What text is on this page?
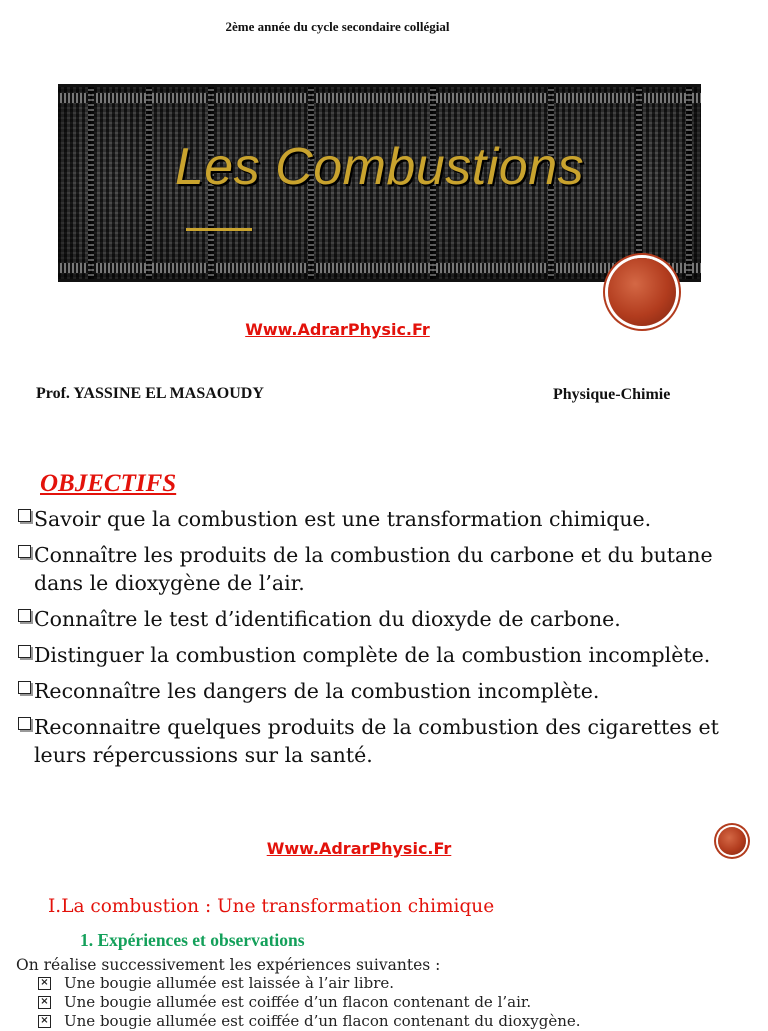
2ème année du cycle secondaire collégial
Les Combustions
Www.AdrarPhysic.Fr
Prof. YASSINE EL MASAOUDY	Physique-Chimie
OBJECTIFS
Savoir que la combustion est une transformation chimique.
Connaître les produits de la combustion du carbone et du butane dans le dioxygène de l’air.
Connaître le test d’identification du dioxyde de carbone.
Distinguer la combustion complète de la combustion incomplète.
Reconnaître les dangers de la combustion incomplète.
Reconnaitre quelques produits de la combustion des cigarettes et leurs répercussions sur la santé.
Www.AdrarPhysic.Fr
I.La combustion : Une transformation chimique
1. Expériences et observations
On réalise successivement les expériences suivantes :
× Une bougie allumée est laissée à l’air libre.
× Une bougie allumée est coiffée d’un flacon contenant de l’air.
× Une bougie allumée est coiffée d’un flacon contenant du dioxygène.
